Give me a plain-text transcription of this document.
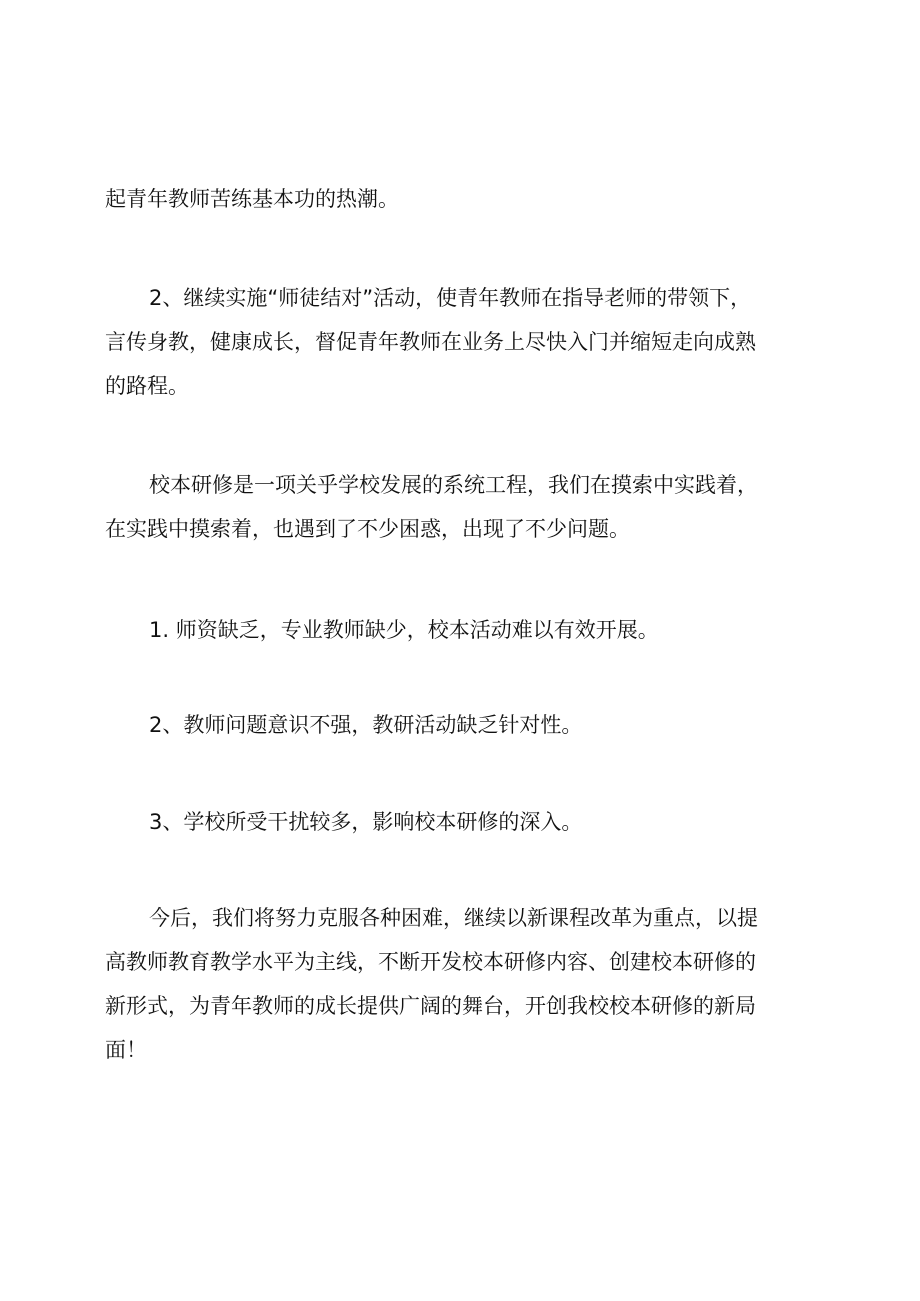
起青年教师苦练基本功的热潮。
2、继续实施“师徒结对”活动，使青年教师在指导老师的带领下，
言传身教，健康成长，督促青年教师在业务上尽快入门并缩短走向成熟
的路程。
校本研修是一项关乎学校发展的系统工程，我们在摸索中实践着，
在实践中摸索着，也遇到了不少困惑，出现了不少问题。
1. 师资缺乏，专业教师缺少，校本活动难以有效开展。
2、教师问题意识不强，教研活动缺乏针对性。
3、学校所受干扰较多，影响校本研修的深入。
今后，我们将努力克服各种困难，继续以新课程改革为重点，以提
高教师教育教学水平为主线，不断开发校本研修内容、创建校本研修的
新形式，为青年教师的成长提供广阔的舞台，开创我校校本研修的新局
面！
